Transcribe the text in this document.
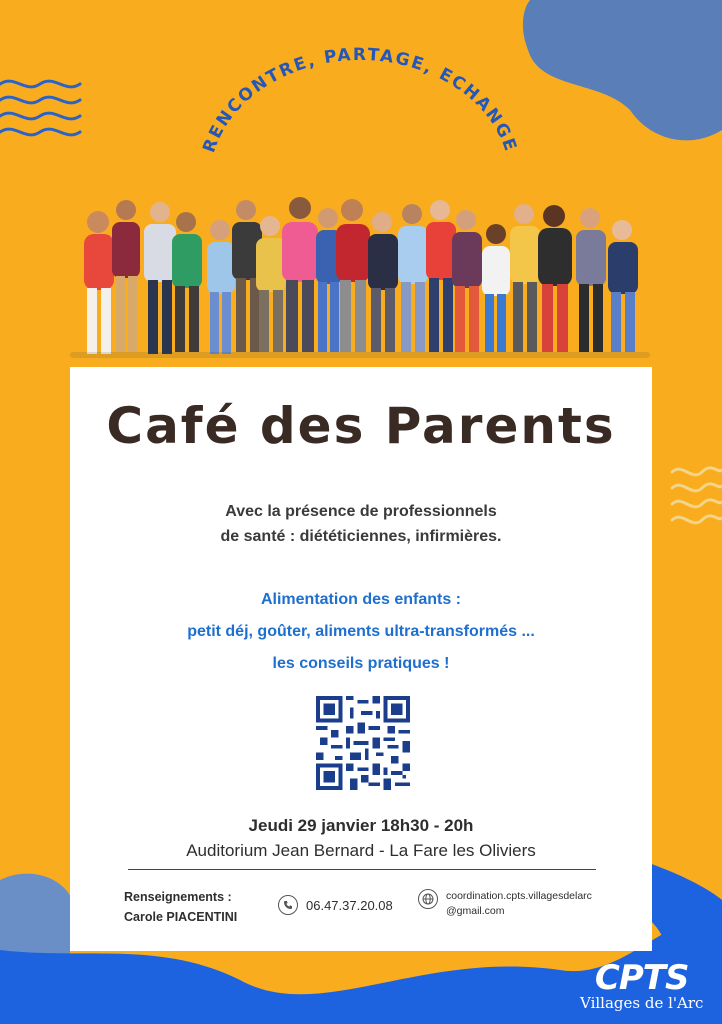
RENCONTRE, PARTAGE, ECHANGE
Café des Parents
Avec la présence de professionnels
de santé : diététiciennes, infirmières.
Alimentation des enfants :
petit déj, goûter, aliments ultra-transformés ...
les conseils pratiques !
Jeudi 29 janvier 18h30 - 20h
Auditorium Jean Bernard - La Fare les Oliviers
Renseignements :
Carole PIACENTINI
06.47.37.20.08
coordination.cpts.villagesdelarc
@gmail.com
CPTS
Villages de l'Arc
